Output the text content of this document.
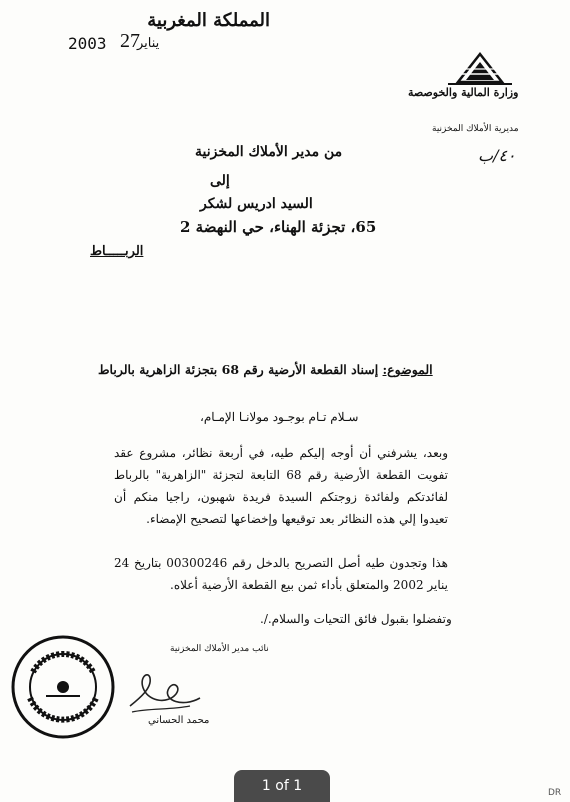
المملكة المغربية
2003 27
يناير
وزارة المالية والخوصصة
مديرية الأملاك المخزنية
٤٠/ب
من مدير الأملاك المخزنية
إلى
السيد ادريس لشكر
65، تجزئة الهناء، حي النهضة 2
الربـــــاط
الموضوع: إسناد القطعة الأرضية رقم 68 بتجزئة الزاهرية بالرباط
سـلام تـام بوجـود مولانـا الإمـام،
وبعد، يشرفني أن أوجه إليكم طيه، في أربعة نظائر، مشروع عقد تفويت القطعة الأرضية رقم 68 التابعة لتجزئة "الزاهرية" بالرباط لفائدتكم ولفائدة زوجتكم السيدة فريدة شهبون، راجيا منكم أن تعيدوا إلي هذه النظائر بعد توقيعها وإخضاعها لتصحيح الإمضاء.
هذا وتجدون طيه أصل التصريح بالدخل رقم 00300246 بتاريخ 24 يناير 2002 والمتعلق بأداء ثمن بيع القطعة الأرضية أعلاه.
وتفضلوا بقبول فائق التحيات والسلام./.
نائب مدير الأملاك المخزنية
محمد الحساني
1 of 1	DR
